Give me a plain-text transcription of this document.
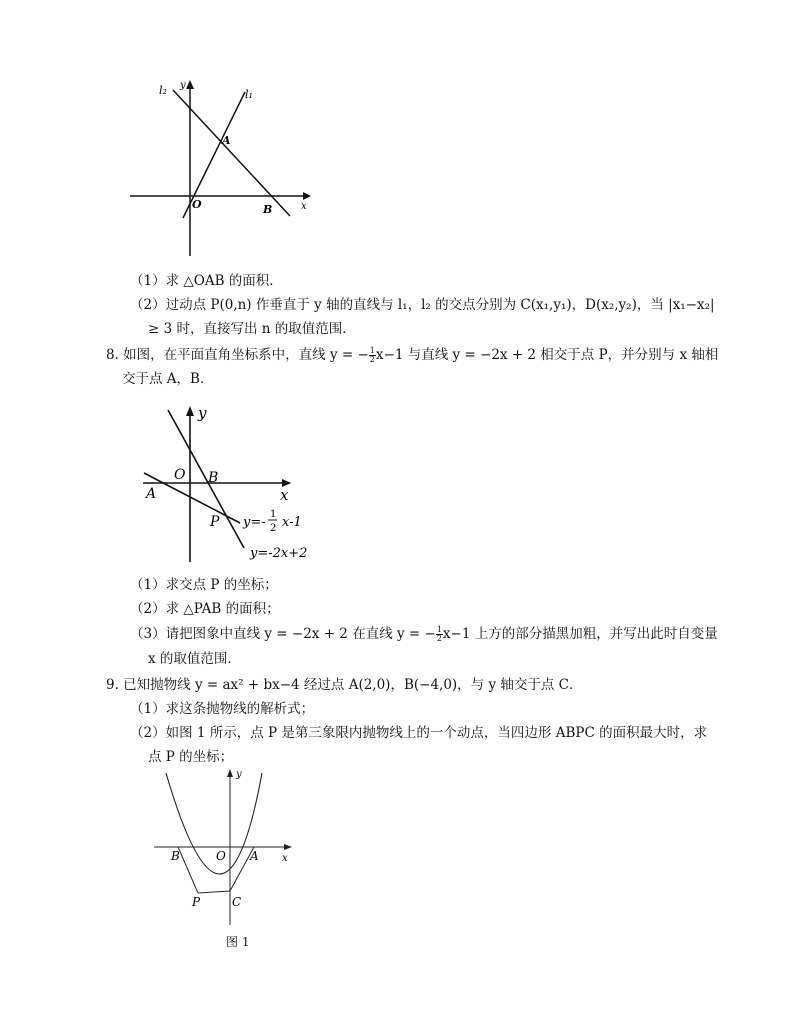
l₂ y
l₁
A
O	B	x
（1）求 △OAB 的面积．
（2）过动点 P(0,n) 作垂直于 y 轴的直线与 l₁，l₂ 的交点分别为 C(x₁,y₁)，D(x₂,y₂)，当 |x₁−x₂|
≥ 3 时，直接写出 n 的取值范围．
8. 如图，在平面直角坐标系中，直线 y = − $\frac{1}{2} x-1$ 与直线 y = −2x + 2 相交于点 P，并分别与 x 轴相
交于点 A，B．
y
O B
A	x
P y=-
1
2 x-1
y=-2x+2
（1）求交点 P 的坐标；
（2）求 △PAB 的面积；
（3）请把图象中直线 y = −2x + 2 在直线 y = − $\frac{1}{2} x-1$ 上方的部分描黑加粗，并写出此时自变量
x 的取值范围．
9. 已知抛物线 y = ax² + bx−4 经过点 A(2,0)，B(−4,0)，与 y 轴交于点 C．
（1）求这条抛物线的解析式；
（2）如图 1 所示，点 P 是第三象限内抛物线上的一个动点，当四边形 ABPC 的面积最大时，求
点 P 的坐标；
y
B	O A x
P	C
图 1
